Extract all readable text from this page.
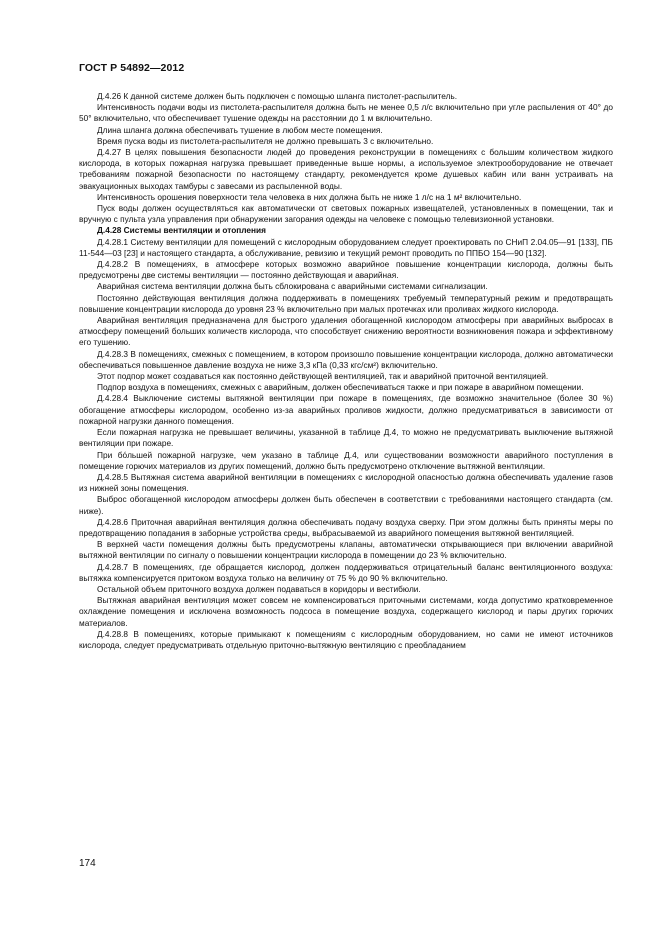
ГОСТ Р 54892—2012

Д.4.26 К данной системе должен быть подключен с помощью шланга пистолет-распылитель.

Интенсивность подачи воды из пистолета-распылителя должна быть не менее 0,5 л/с включительно при угле распыления от 40° до 50° включительно, что обеспечивает тушение одежды на расстоянии до 1 м включительно.

Длина шланга должна обеспечивать тушение в любом месте помещения.

Время пуска воды из пистолета-распылителя не должно превышать 3 с включительно.

Д.4.27 В целях повышения безопасности людей до проведения реконструкции в помещениях с большим количеством жидкого кислорода, в которых пожарная нагрузка превышает приведенные выше нормы, а используемое электрооборудование не отвечает требованиям пожарной безопасности по настоящему стандарту, рекомендуется кроме душевых кабин или ванн устраивать на эвакуационных выходах тамбуры с завесами из распыленной воды.

Интенсивность орошения поверхности тела человека в них должна быть не ниже 1 л/с на 1 м² включительно.

Пуск воды должен осуществляться как автоматически от световых пожарных извещателей, установленных в помещении, так и вручную с пульта узла управления при обнаружении загорания одежды на человеке с помощью телевизионной установки.

Д.4.28 Системы вентиляции и отопления

Д.4.28.1 Систему вентиляции для помещений с кислородным оборудованием следует проектировать по СНиП 2.04.05—91 [133], ПБ 11-544—03 [23] и настоящего стандарта, а обслуживание, ревизию и текущий ремонт проводить по ППБО 154—90 [132].

Д.4.28.2 В помещениях, в атмосфере которых возможно аварийное повышение концентрации кислорода, должны быть предусмотрены две системы вентиляции — постоянно действующая и аварийная.

Аварийная система вентиляции должна быть сблокирована с аварийными системами сигнализации.

Постоянно действующая вентиляция должна поддерживать в помещениях требуемый температурный режим и предотвращать повышение концентрации кислорода до уровня 23 % включительно при малых протечках или проливах жидкого кислорода.

Аварийная вентиляция предназначена для быстрого удаления обогащенной кислородом атмосферы при аварийных выбросах в атмосферу помещений больших количеств кислорода, что способствует снижению вероятности возникновения пожара и эффективному его тушению.

Д.4.28.3 В помещениях, смежных с помещением, в котором произошло повышение концентрации кислорода, должно автоматически обеспечиваться повышенное давление воздуха не ниже 3,3 кПа (0,33 кгс/см²) включительно.

Этот подпор может создаваться как постоянно действующей вентиляцией, так и аварийной приточной вентиляцией.

Подпор воздуха в помещениях, смежных с аварийным, должен обеспечиваться также и при пожаре в аварийном помещении.

Д.4.28.4 Выключение системы вытяжной вентиляции при пожаре в помещениях, где возможно значительное (более 30 %) обогащение атмосферы кислородом, особенно из-за аварийных проливов жидкости, должно предусматриваться в зависимости от пожарной нагрузки данного помещения.

Если пожарная нагрузка не превышает величины, указанной в таблице Д.4, то можно не предусматривать выключение вытяжной вентиляции при пожаре.

При бо́льшей пожарной нагрузке, чем указано в таблице Д.4, или существовании возможности аварийного поступления в помещение горючих материалов из других помещений, должно быть предусмотрено отключение вытяжной вентиляции.

Д.4.28.5 Вытяжная система аварийной вентиляции в помещениях с кислородной опасностью должна обеспечивать удаление газов из нижней зоны помещения.

Выброс обогащенной кислородом атмосферы должен быть обеспечен в соответствии с требованиями настоящего стандарта (см. ниже).

Д.4.28.6 Приточная аварийная вентиляция должна обеспечивать подачу воздуха сверху. При этом должны быть приняты меры по предотвращению попадания в заборные устройства среды, выбрасываемой из аварийного помещения вытяжной вентиляцией.

В верхней части помещения должны быть предусмотрены клапаны, автоматически открывающиеся при включении аварийной вытяжной вентиляции по сигналу о повышении концентрации кислорода в помещении до 23 % включительно.

Д.4.28.7 В помещениях, где обращается кислород, должен поддерживаться отрицательный баланс вентиляционного воздуха: вытяжка компенсируется притоком воздуха только на величину от 75 % до 90 % включительно.

Остальной объем приточного воздуха должен подаваться в коридоры и вестибюли.

Вытяжная аварийная вентиляция может совсем не компенсироваться приточными системами, когда допустимо кратковременное охлаждение помещения и исключена возможность подсоса в помещение воздуха, содержащего кислород и пары других горючих материалов.

Д.4.28.8 В помещениях, которые примыкают к помещениям с кислородным оборудованием, но сами не имеют источников кислорода, следует предусматривать отдельную приточно-вытяжную вентиляцию с преобладанием

174
